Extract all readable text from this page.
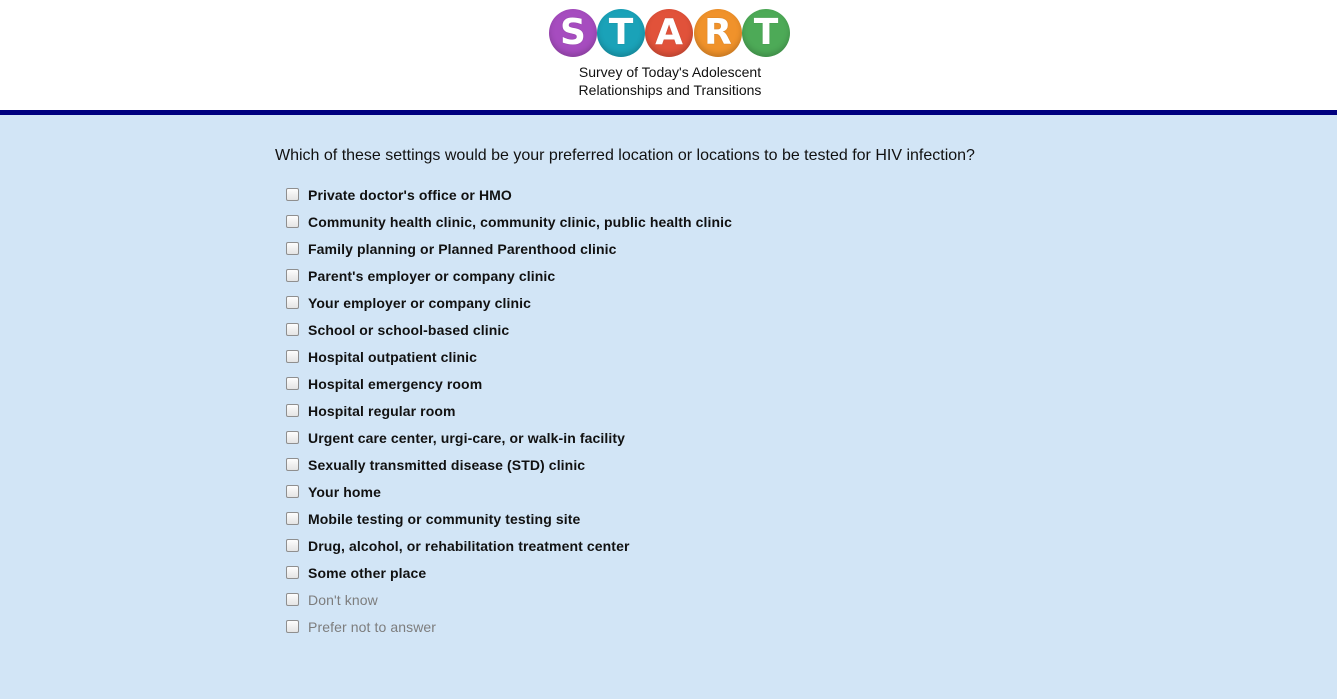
S T A R T
Survey of Today's Adolescent
Relationships and Transitions
Which of these settings would be your preferred location or locations to be tested for HIV infection?
Private doctor's office or HMO
Community health clinic, community clinic, public health clinic
Family planning or Planned Parenthood clinic
Parent's employer or company clinic
Your employer or company clinic
School or school-based clinic
Hospital outpatient clinic
Hospital emergency room
Hospital regular room
Urgent care center, urgi-care, or walk-in facility
Sexually transmitted disease (STD) clinic
Your home
Mobile testing or community testing site
Drug, alcohol, or rehabilitation treatment center
Some other place
Don't know
Prefer not to answer
